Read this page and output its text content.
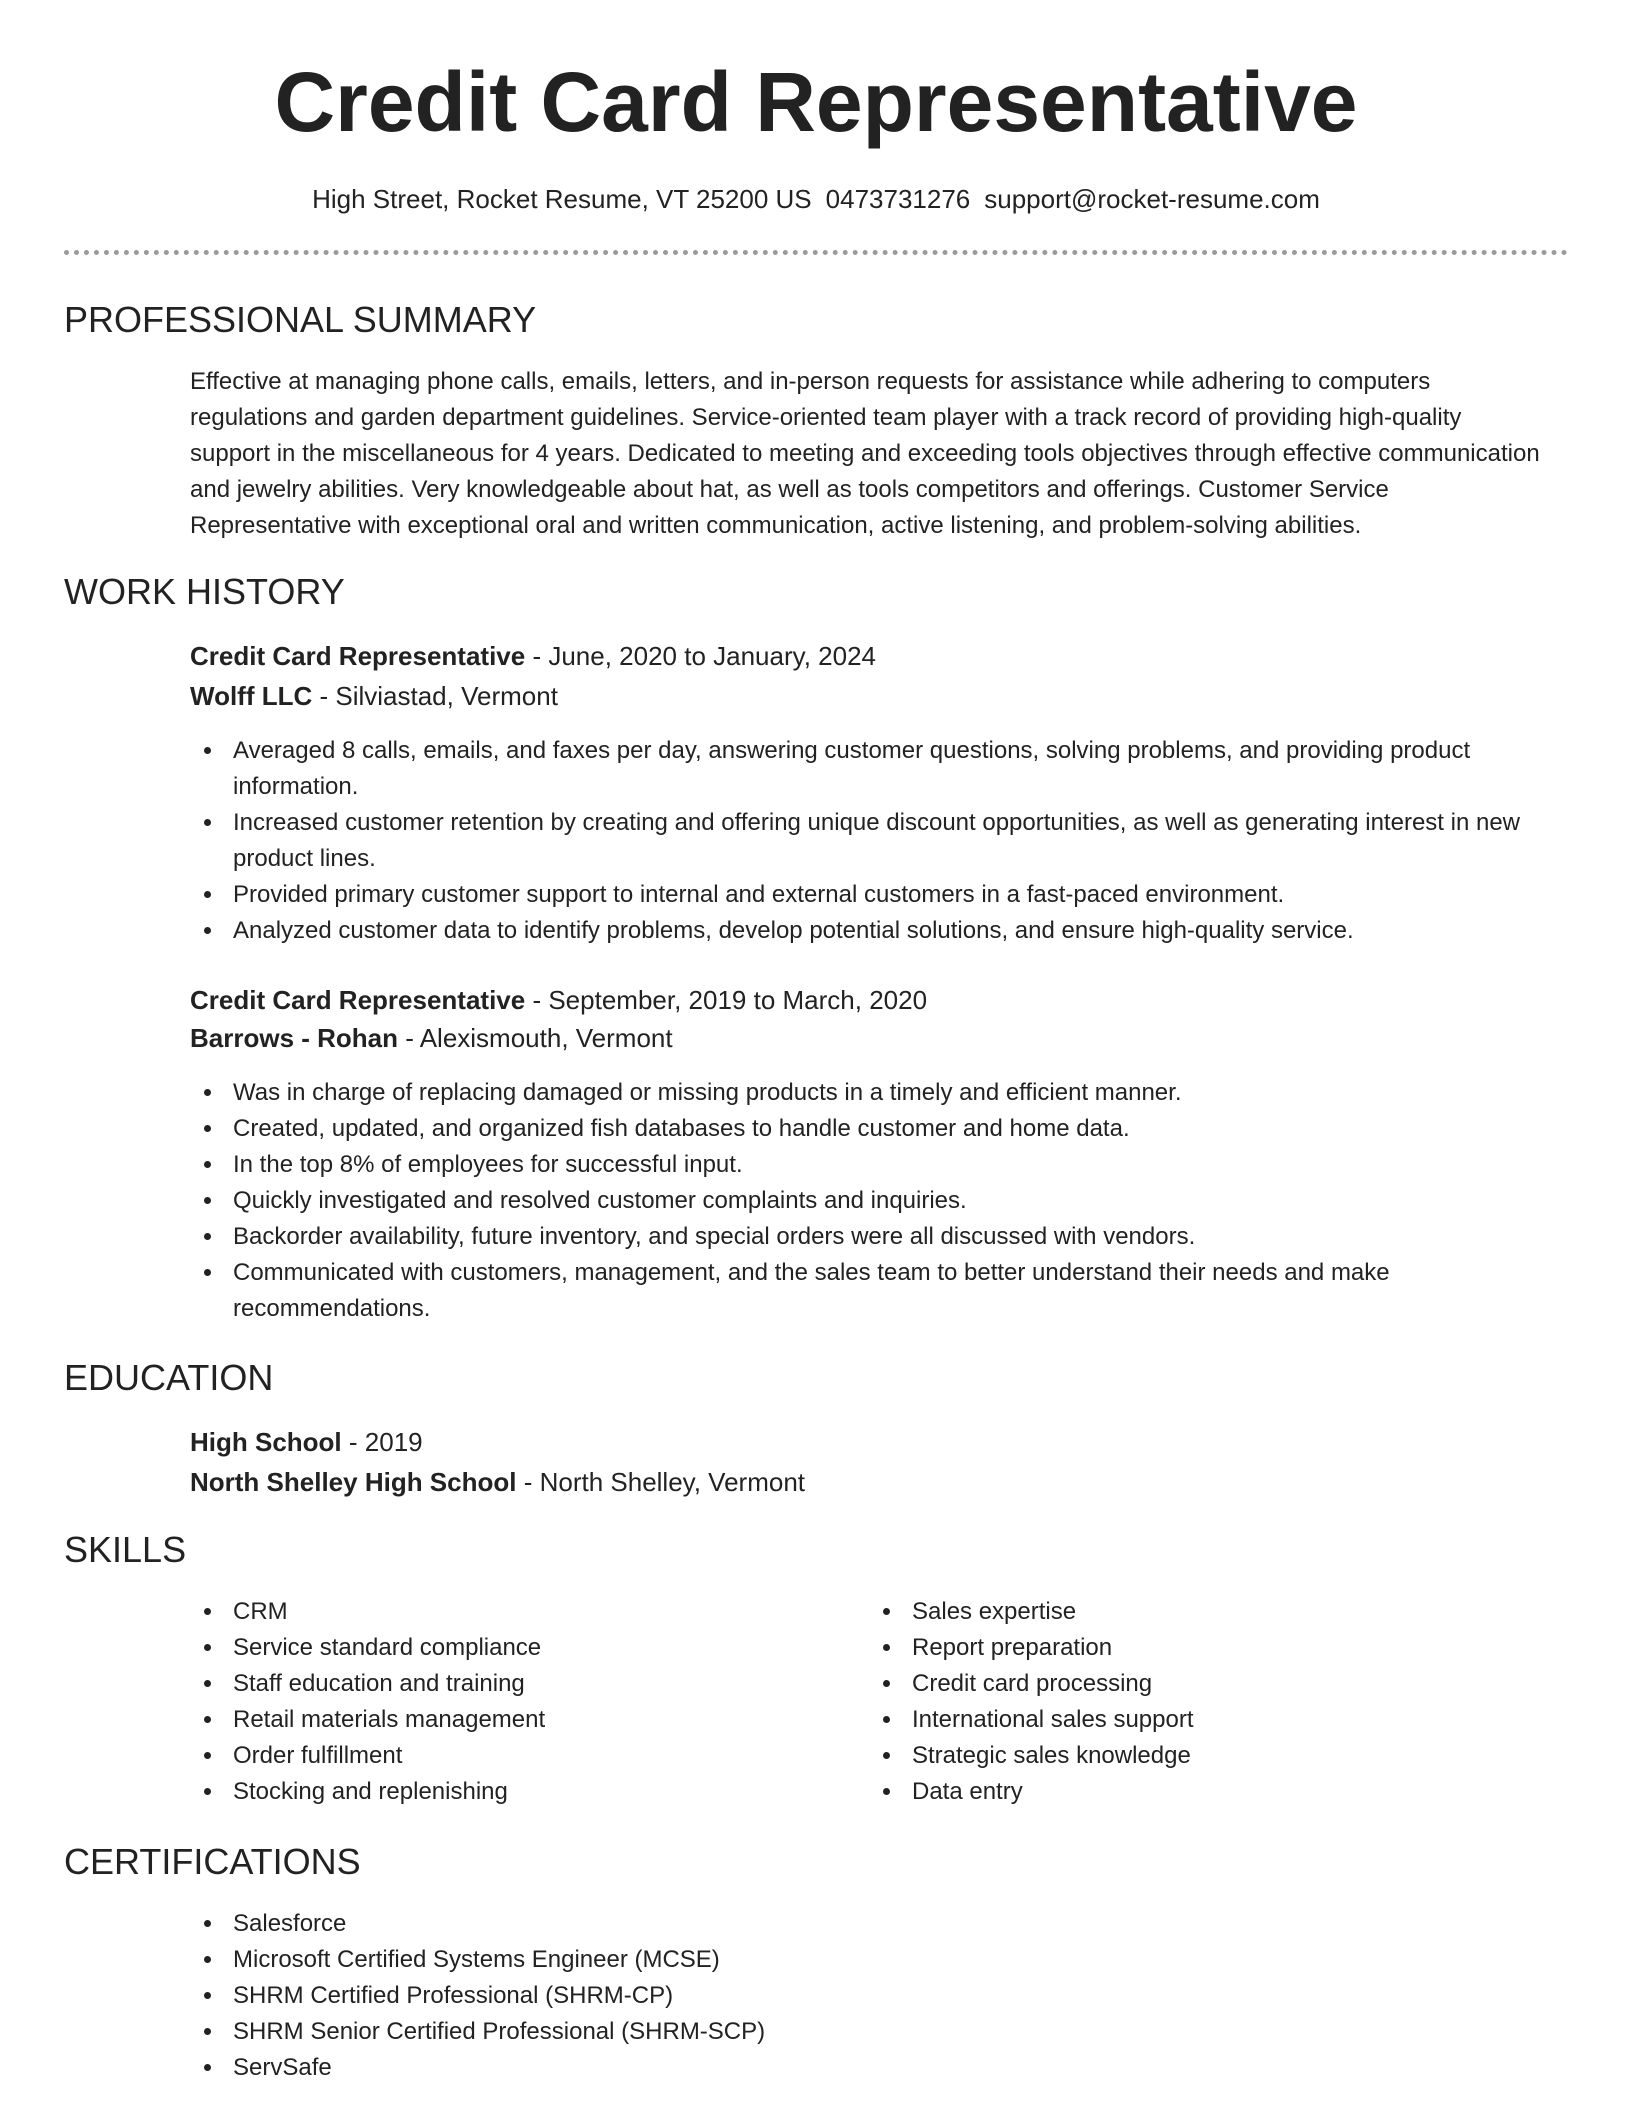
Credit Card Representative
High Street, Rocket Resume, VT 25200 US 0473731276 support@rocket-resume.com
PROFESSIONAL SUMMARY

Effective at managing phone calls, emails, letters, and in-person requests for assistance while adhering to computers regulations and garden department guidelines. Service-oriented team player with a track record of providing high-quality support in the miscellaneous for 4 years. Dedicated to meeting and exceeding tools objectives through effective communication and jewelry abilities. Very knowledgeable about hat, as well as tools competitors and offerings. Customer Service Representative with exceptional oral and written communication, active listening, and problem-solving abilities.

WORK HISTORY
Credit Card Representative - June, 2020 to January, 2024
Wolff LLC - Silviastad, Vermont
Averaged 8 calls, emails, and faxes per day, answering customer questions, solving problems, and providing product information.
Increased customer retention by creating and offering unique discount opportunities, as well as generating interest in new product lines.
Provided primary customer support to internal and external customers in a fast-paced environment.
Analyzed customer data to identify problems, develop potential solutions, and ensure high-quality service.
Credit Card Representative - September, 2019 to March, 2020
Barrows - Rohan - Alexismouth, Vermont
Was in charge of replacing damaged or missing products in a timely and efficient manner.
Created, updated, and organized fish databases to handle customer and home data.
In the top 8% of employees for successful input.
Quickly investigated and resolved customer complaints and inquiries.
Backorder availability, future inventory, and special orders were all discussed with vendors.
Communicated with customers, management, and the sales team to better understand their needs and make recommendations.
EDUCATION
High School - 2019
North Shelley High School - North Shelley, Vermont
SKILLS
CRM
Service standard compliance
Staff education and training
Retail materials management
Order fulfillment
Stocking and replenishing
Sales expertise
Report preparation
Credit card processing
International sales support
Strategic sales knowledge
Data entry
CERTIFICATIONS
Salesforce
Microsoft Certified Systems Engineer (MCSE)
SHRM Certified Professional (SHRM-CP)
SHRM Senior Certified Professional (SHRM-SCP)
ServSafe
